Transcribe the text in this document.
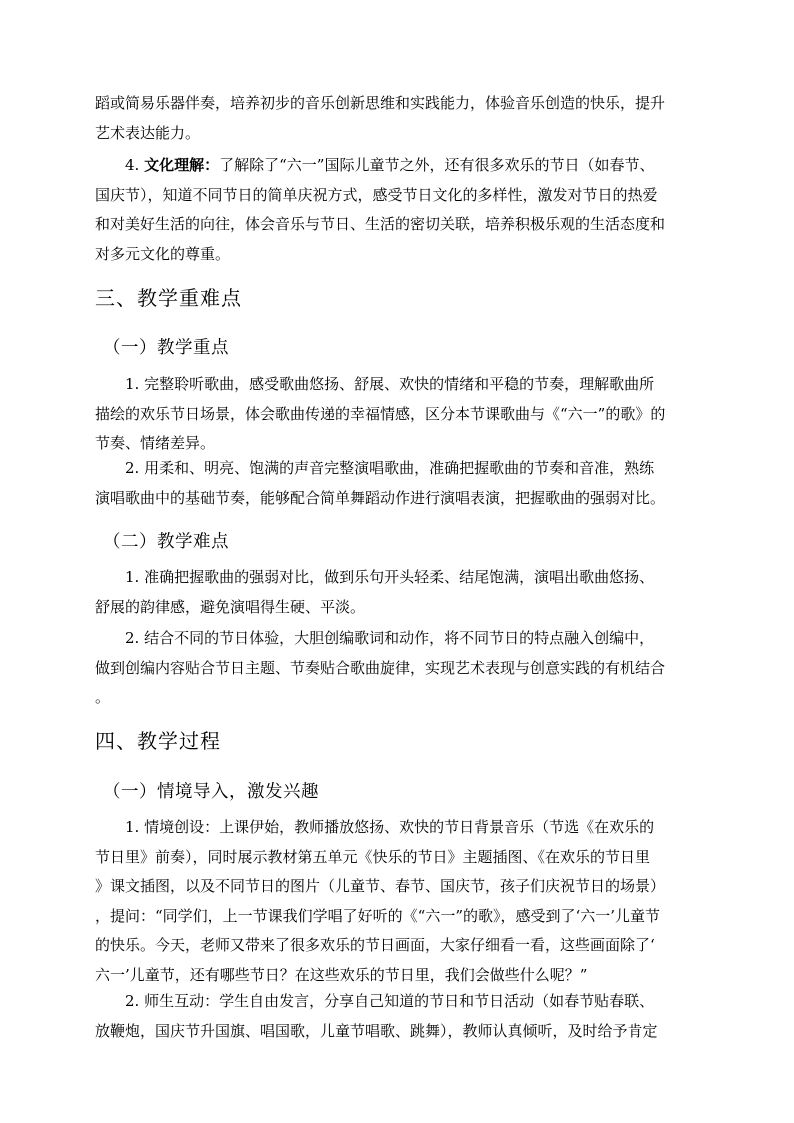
蹈或简易乐器伴奏，培养初步的音乐创新思维和实践能力，体验音乐创造的快乐，提升
艺术表达能力。
4. 文化理解：了解除了“六一”国际儿童节之外，还有很多欢乐的节日（如春节、
国庆节），知道不同节日的简单庆祝方式，感受节日文化的多样性，激发对节日的热爱
和对美好生活的向往，体会音乐与节日、生活的密切关联，培养积极乐观的生活态度和
对多元文化的尊重。
三、教学重难点
（一）教学重点
1. 完整聆听歌曲，感受歌曲悠扬、舒展、欢快的情绪和平稳的节奏，理解歌曲所
描绘的欢乐节日场景，体会歌曲传递的幸福情感，区分本节课歌曲与《“六一”的歌》的
节奏、情绪差异。
2. 用柔和、明亮、饱满的声音完整演唱歌曲，准确把握歌曲的节奏和音准，熟练
演唱歌曲中的基础节奏，能够配合简单舞蹈动作进行演唱表演，把握歌曲的强弱对比。
（二）教学难点
1. 准确把握歌曲的强弱对比，做到乐句开头轻柔、结尾饱满，演唱出歌曲悠扬、
舒展的韵律感，避免演唱得生硬、平淡。
2. 结合不同的节日体验，大胆创编歌词和动作，将不同节日的特点融入创编中，
做到创编内容贴合节日主题、节奏贴合歌曲旋律，实现艺术表现与创意实践的有机结合
。
四、教学过程
（一）情境导入，激发兴趣
1. 情境创设：上课伊始，教师播放悠扬、欢快的节日背景音乐（节选《在欢乐的
节日里》前奏），同时展示教材第五单元《快乐的节日》主题插图、《在欢乐的节日里
》课文插图，以及不同节日的图片（儿童节、春节、国庆节，孩子们庆祝节日的场景）
，提问：“同学们，上一节课我们学唱了好听的《“六一”的歌》，感受到了‘六一’儿童节
的快乐。今天，老师又带来了很多欢乐的节日画面，大家仔细看一看，这些画面除了‘
六一’儿童节，还有哪些节日？在这些欢乐的节日里，我们会做些什么呢？”
2. 师生互动：学生自由发言，分享自己知道的节日和节日活动（如春节贴春联、
放鞭炮，国庆节升国旗、唱国歌，儿童节唱歌、跳舞），教师认真倾听，及时给予肯定
